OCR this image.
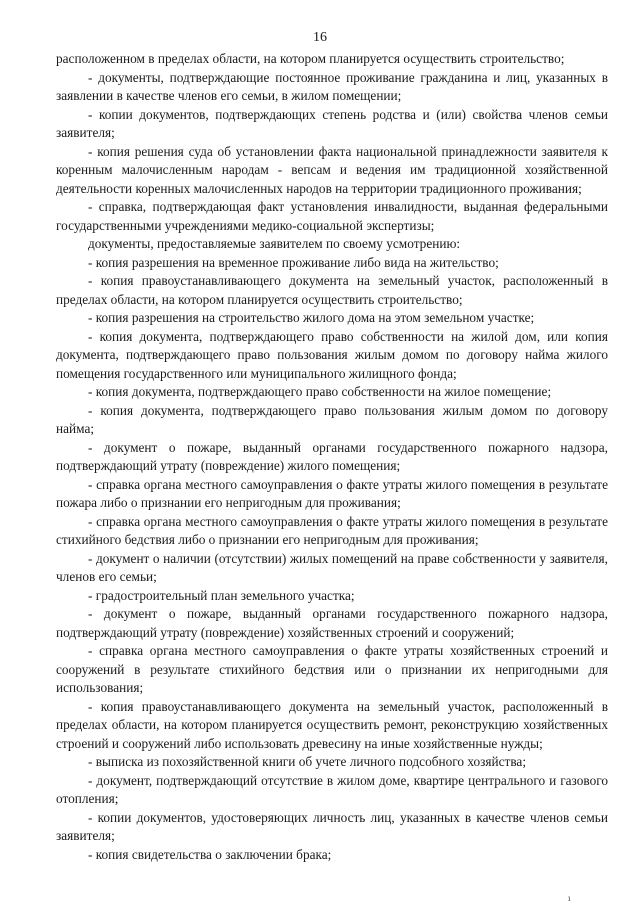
16

расположенном в пределах области, на котором планируется осуществить строительство;

- документы, подтверждающие постоянное проживание гражданина и лиц, указанных в заявлении в качестве членов его семьи, в жилом помещении;

- копии документов, подтверждающих степень родства и (или) свойства членов семьи заявителя;

- копия решения суда об установлении факта национальной принадлежности заявителя к коренным малочисленным народам - вепсам и ведения им традиционной хозяйственной деятельности коренных малочисленных народов на территории традиционного проживания;

- справка, подтверждающая факт установления инвалидности, выданная федеральными государственными учреждениями медико-социальной экспертизы;

документы, предоставляемые заявителем по своему усмотрению:

- копия разрешения на временное проживание либо вида на жительство;

- копия правоустанавливающего документа на земельный участок, расположенный в пределах области, на котором планируется осуществить строительство;

- копия разрешения на строительство жилого дома на этом земельном участке;

- копия документа, подтверждающего право собственности на жилой дом, или копия документа, подтверждающего право пользования жилым домом по договору найма жилого помещения государственного или муниципального жилищного фонда;

- копия документа, подтверждающего право собственности на жилое помещение;

- копия документа, подтверждающего право пользования жилым домом по договору найма;

- документ о пожаре, выданный органами государственного пожарного надзора, подтверждающий утрату (повреждение) жилого помещения;

- справка органа местного самоуправления о факте утраты жилого помещения в результате пожара либо о признании его непригодным для проживания;

- справка органа местного самоуправления о факте утраты жилого помещения в результате стихийного бедствия либо о признании его непригодным для проживания;

- документ о наличии (отсутствии) жилых помещений на праве собственности у заявителя, членов его семьи;

- градостроительный план земельного участка;

- документ о пожаре, выданный органами государственного пожарного надзора, подтверждающий утрату (повреждение) хозяйственных строений и сооружений;

- справка органа местного самоуправления о факте утраты хозяйственных строений и сооружений в результате стихийного бедствия или о признании их непригодными для использования;

- копия правоустанавливающего документа на земельный участок, расположенный в пределах области, на котором планируется осуществить ремонт, реконструкцию хозяйственных строений и сооружений либо использовать древесину на иные хозяйственные нужды;

- выписка из похозяйственной книги об учете личного подсобного хозяйства;

- документ, подтверждающий отсутствие в жилом доме, квартире центрального и газового отопления;

- копии документов, удостоверяющих личность лиц, указанных в качестве членов семьи заявителя;

- копия свидетельства о заключении брака;

ı
